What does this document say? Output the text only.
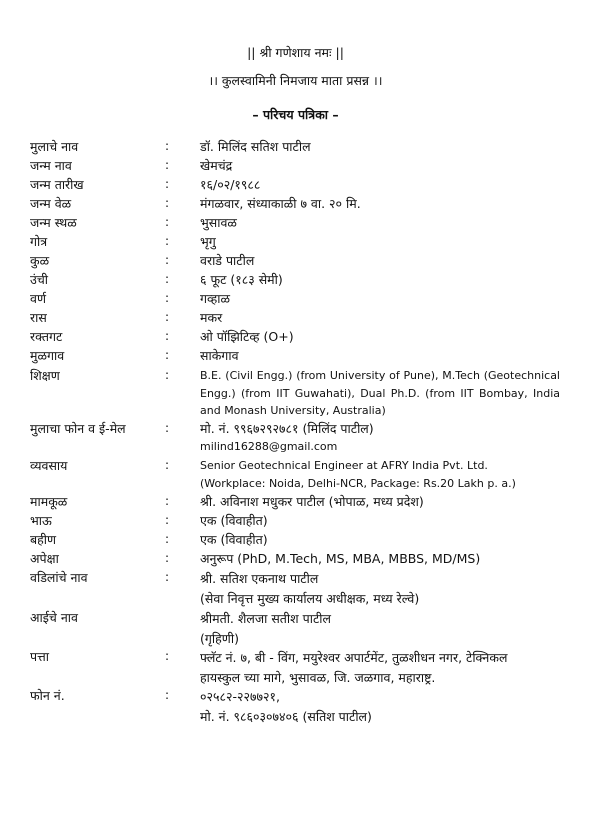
|| श्री गणेशाय नमः ||
।। कुलस्वामिनी निमजाय माता प्रसन्न ।।
– परिचय पत्रिका –
मुलाचे नाव	:	डॉ. मिलिंद सतिश पाटील
जन्म नाव	:	खेमचंद्र
जन्म तारीख	:	१६/०२/१९८८
जन्म वेळ	:	मंगळवार, संध्याकाळी ७ वा. २० मि.
जन्म स्थळ	:	भुसावळ
गोत्र	:	भृगु
कुळ	:	वराडे पाटील
उंची	:	६ फूट (१८३ सेमी)
वर्ण	:	गव्हाळ
रास	:	मकर
रक्तगट	:	ओ पॉझिटिव्ह (O+)
मुळगाव	:	साकेगाव
शिक्षण	:	B.E. (Civil Engg.) (from University of Pune), M.Tech (Geotechnical Engg.) (from IIT Guwahati), Dual Ph.D. (from IIT Bombay, India and Monash University, Australia)
मुलाचा फोन व ई-मेल	:	मो. नं. ९९६७२९२७८१ (मिलिंद पाटील)
milind16288@gmail.com
व्यवसाय	:	Senior Geotechnical Engineer at AFRY India Pvt. Ltd.
(Workplace: Noida, Delhi-NCR, Package: Rs.20 Lakh p. a.)
मामकूळ	:	श्री. अविनाश मधुकर पाटील (भोपाळ, मध्य प्रदेश)
भाऊ	:	एक (विवाहीत)
बहीण	:	एक (विवाहीत)
अपेक्षा	:	अनुरूप (PhD, M.Tech, MS, MBA, MBBS, MD/MS)
वडिलांचे नाव	:	श्री. सतिश एकनाथ पाटील
(सेवा निवृत्त मुख्य कार्यालय अधीक्षक, मध्य रेल्वे)
आईचे नाव	श्रीमती. शैलजा सतीश पाटील
(गृहिणी)
पत्ता	:	फ्लॅट नं. ७, बी - विंग, मयुरेश्वर अपार्टमेंट, तुळशीधन नगर, टेक्निकल
हायस्कुल च्या मागे, भुसावळ, जि. जळगाव, महाराष्ट्र.
फोन नं.	:	०२५८२-२२७७२१,
मो. नं. ९८६०३०७४०६ (सतिश पाटील)
